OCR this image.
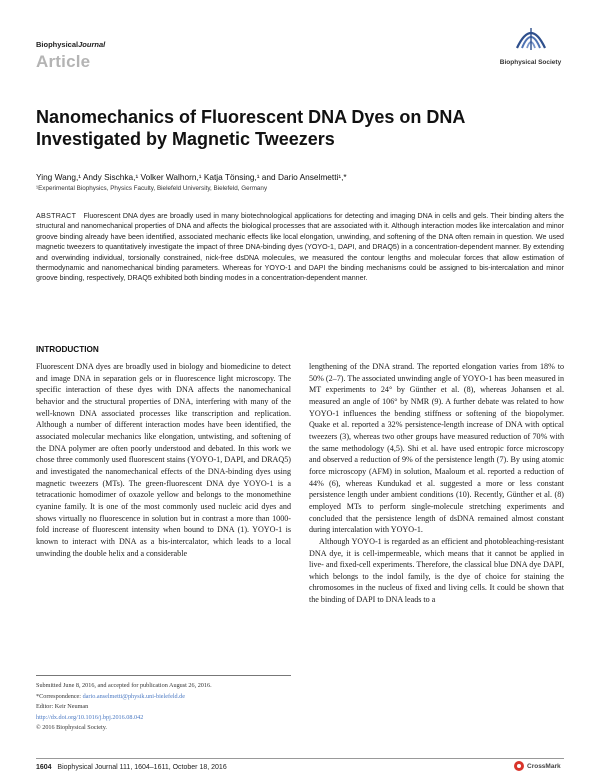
BiophysicalJournal
Article	Biophysical Society
Nanomechanics of Fluorescent DNA Dyes on DNA Investigated by Magnetic Tweezers
Ying Wang,¹ Andy Sischka,¹ Volker Walhorn,¹ Katja Tönsing,¹ and Dario Anselmetti¹,*
¹Experimental Biophysics, Physics Faculty, Bielefeld University, Bielefeld, Germany
ABSTRACT Fluorescent DNA dyes are broadly used in many biotechnological applications for detecting and imaging DNA in cells and gels. Their binding alters the structural and nanomechanical properties of DNA and affects the biological processes that are associated with it. Although interaction modes like intercalation and minor groove binding already have been identified, associated mechanic effects like local elongation, unwinding, and softening of the DNA often remain in question. We used magnetic tweezers to quantitatively investigate the impact of three DNA-binding dyes (YOYO-1, DAPI, and DRAQ5) in a concentration-dependent manner. By extending and overwinding individual, torsionally constrained, nick-free dsDNA molecules, we measured the contour lengths and molecular forces that allow estimation of thermodynamic and nanomechanical binding parameters. Whereas for YOYO-1 and DAPI the binding mechanisms could be assigned to bis-intercalation and minor groove binding, respectively, DRAQ5 exhibited both binding modes in a concentration-dependent manner.
INTRODUCTION

Fluorescent DNA dyes are broadly used in biology and biomedicine to detect and image DNA in separation gels or in fluorescence light microscopy. The specific interaction of these dyes with DNA affects the nanomechanical behavior and the structural properties of DNA, interfering with many of the well-known DNA associated processes like transcription and replication. Although a number of different interaction modes have been identified, the associated molecular mechanics like elongation, untwisting, and softening of the DNA polymer are often poorly understood and debated. In this work we chose three commonly used fluorescent stains (YOYO-1, DAPI, and DRAQ5) and investigated the nanomechanical effects of the DNA-binding dyes using magnetic tweezers (MTs). The green-fluorescent DNA dye YOYO-1 is a tetracationic homodimer of oxazole yellow and belongs to the monomethine cyanine family. It is one of the most commonly used nucleic acid dyes and shows virtually no fluorescence in solution but in contrast a more than 1000-fold increase of fluorescent intensity when bound to DNA (1). YOYO-1 is known to interact with DNA as a bis-intercalator, which leads to a local unwinding the double helix and a considerable

lengthening of the DNA strand. The reported elongation varies from 18% to 50% (2–7). The associated unwinding angle of YOYO-1 has been measured in MT experiments to 24° by Günther et al. (8), whereas Johansen et al. measured an angle of 106° by NMR (9). A further debate was related to how YOYO-1 influences the bending stiffness or softening of the biopolymer. Quake et al. reported a 32% persistence-length increase of DNA with optical tweezers (3), whereas two other groups have measured reduction of 70% with the same methodology (4,5). Shi et al. have used entropic force microscopy and observed a reduction of 9% of the persistence length (7). By using atomic force microscopy (AFM) in solution, Maaloum et al. reported a reduction of 44% (6), whereas Kundukad et al. suggested a more or less constant persistence length under ambient conditions (10). Recently, Günther et al. (8) employed MTs to perform single-molecule stretching experiments and concluded that the persistence length of dsDNA remained almost constant during intercalation with YOYO-1.

Although YOYO-1 is regarded as an efficient and photobleaching-resistant DNA dye, it is cell-impermeable, which means that it cannot be applied in live- and fixed-cell experiments. Therefore, the classical blue DNA dye DAPI, which belongs to the indol family, is the dye of choice for staining the chromosomes in the nucleus of fixed and living cells. It could be shown that the binding of DAPI to DNA leads to a

Submitted June 8, 2016, and accepted for publication August 26, 2016.
*Correspondence: dario.anselmetti@physik.uni-bielefeld.de
Editor: Keir Neuman
http://dx.doi.org/10.1016/j.bpj.2016.08.042
© 2016 Biophysical Society.
1604 Biophysical Journal 111, 1604–1611, October 18, 2016	CrossMark
